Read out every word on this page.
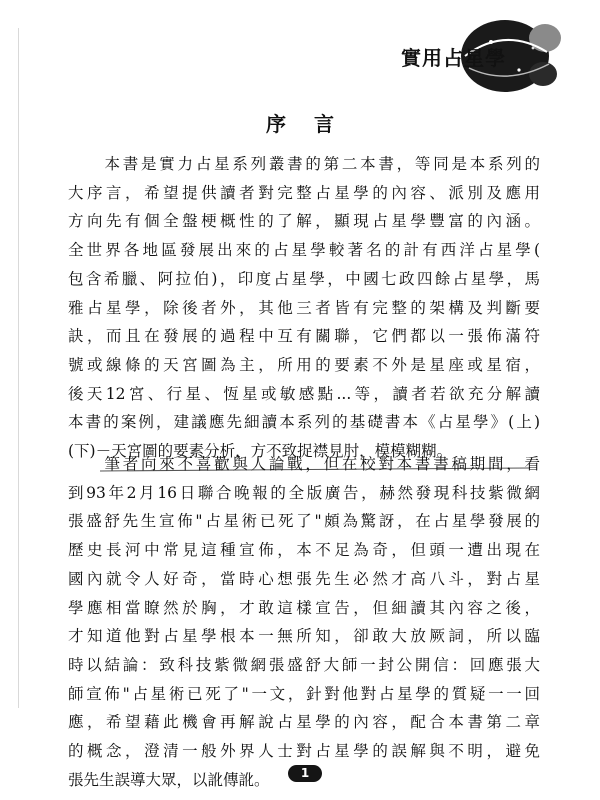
實用占星學
序言
　　本書是實力占星系列叢書的第二本書，等同是本系列的
大序言，希望提供讀者對完整占星學的內容、派別及應用
方向先有個全盤梗概性的了解，顯現占星學豐富的內涵。
全世界各地區發展出來的占星學較著名的計有西洋占星學(
包含希臘、阿拉伯)，印度占星學，中國七政四餘占星學，馬
雅占星學，除後者外，其他三者皆有完整的架構及判斷要
訣，而且在發展的過程中互有關聯，它們都以一張佈滿符
號或線條的天宮圖為主，所用的要素不外是星座或星宿，
後天12宮、行星、恆星或敏感點...等，讀者若欲充分解讀
本書的案例，建議應先細讀本系列的基礎書本《占星學》(上)
(下)－天宮圖的要素分析，方不致捉襟見肘，模模糊糊。
　　筆者向來不喜歡與人論戰，但在校對本書書稿期間，看
到93年2月16日聯合晚報的全版廣告，赫然發現科技紫微網
張盛舒先生宣佈"占星術已死了"頗為驚訝，在占星學發展的
歷史長河中常見這種宣佈，本不足為奇，但頭一遭出現在
國內就令人好奇，當時心想張先生必然才高八斗，對占星
學應相當瞭然於胸，才敢這樣宣告，但細讀其內容之後，
才知道他對占星學根本一無所知，卻敢大放厥詞，所以臨
時以結論：致科技紫微網張盛舒大師一封公開信：回應張大
師宣佈"占星術已死了"一文，針對他對占星學的質疑一一回
應，希望藉此機會再解說占星學的內容，配合本書第二章
的概念，澄清一般外界人士對占星學的誤解與不明，避免
張先生誤導大眾，以訛傳訛。	1
